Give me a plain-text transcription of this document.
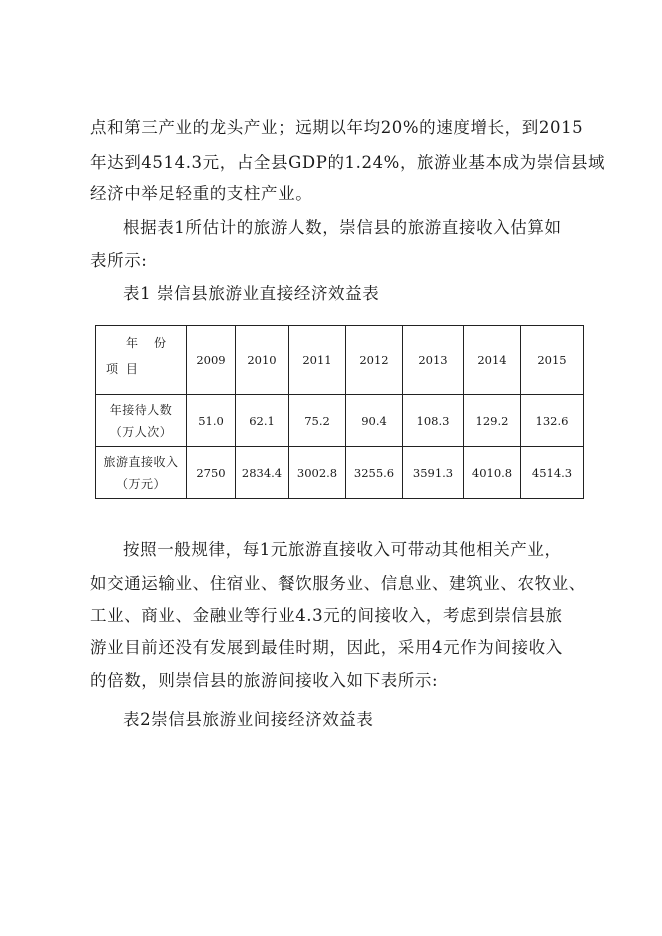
点和第三产业的龙头产业；远期以年均20%的速度增长，到2015
年达到4514.3元，占全县GDP的1.24%，旅游业基本成为崇信县域
经济中举足轻重的支柱产业。
根据表1所估计的旅游人数，崇信县的旅游直接收入估算如
表所示:
表1 崇信县旅游业直接经济效益表
年　份
项 目	2009	2010	2011	2012	2013	2014	2015

年接待人数
（万人次）	51.0	62.1	75.2	90.4	108.3	129.2	132.6

旅游直接收入
（万元）	2750	2834.4	3002.8	3255.6	3591.3	4010.8	4514.3
按照一般规律，每1元旅游直接收入可带动其他相关产业，
如交通运输业、住宿业、餐饮服务业、信息业、建筑业、农牧业、
工业、商业、金融业等行业4.3元的间接收入，考虑到崇信县旅
游业目前还没有发展到最佳时期，因此，采用4元作为间接收入
的倍数，则崇信县的旅游间接收入如下表所示:
表2崇信县旅游业间接经济效益表
